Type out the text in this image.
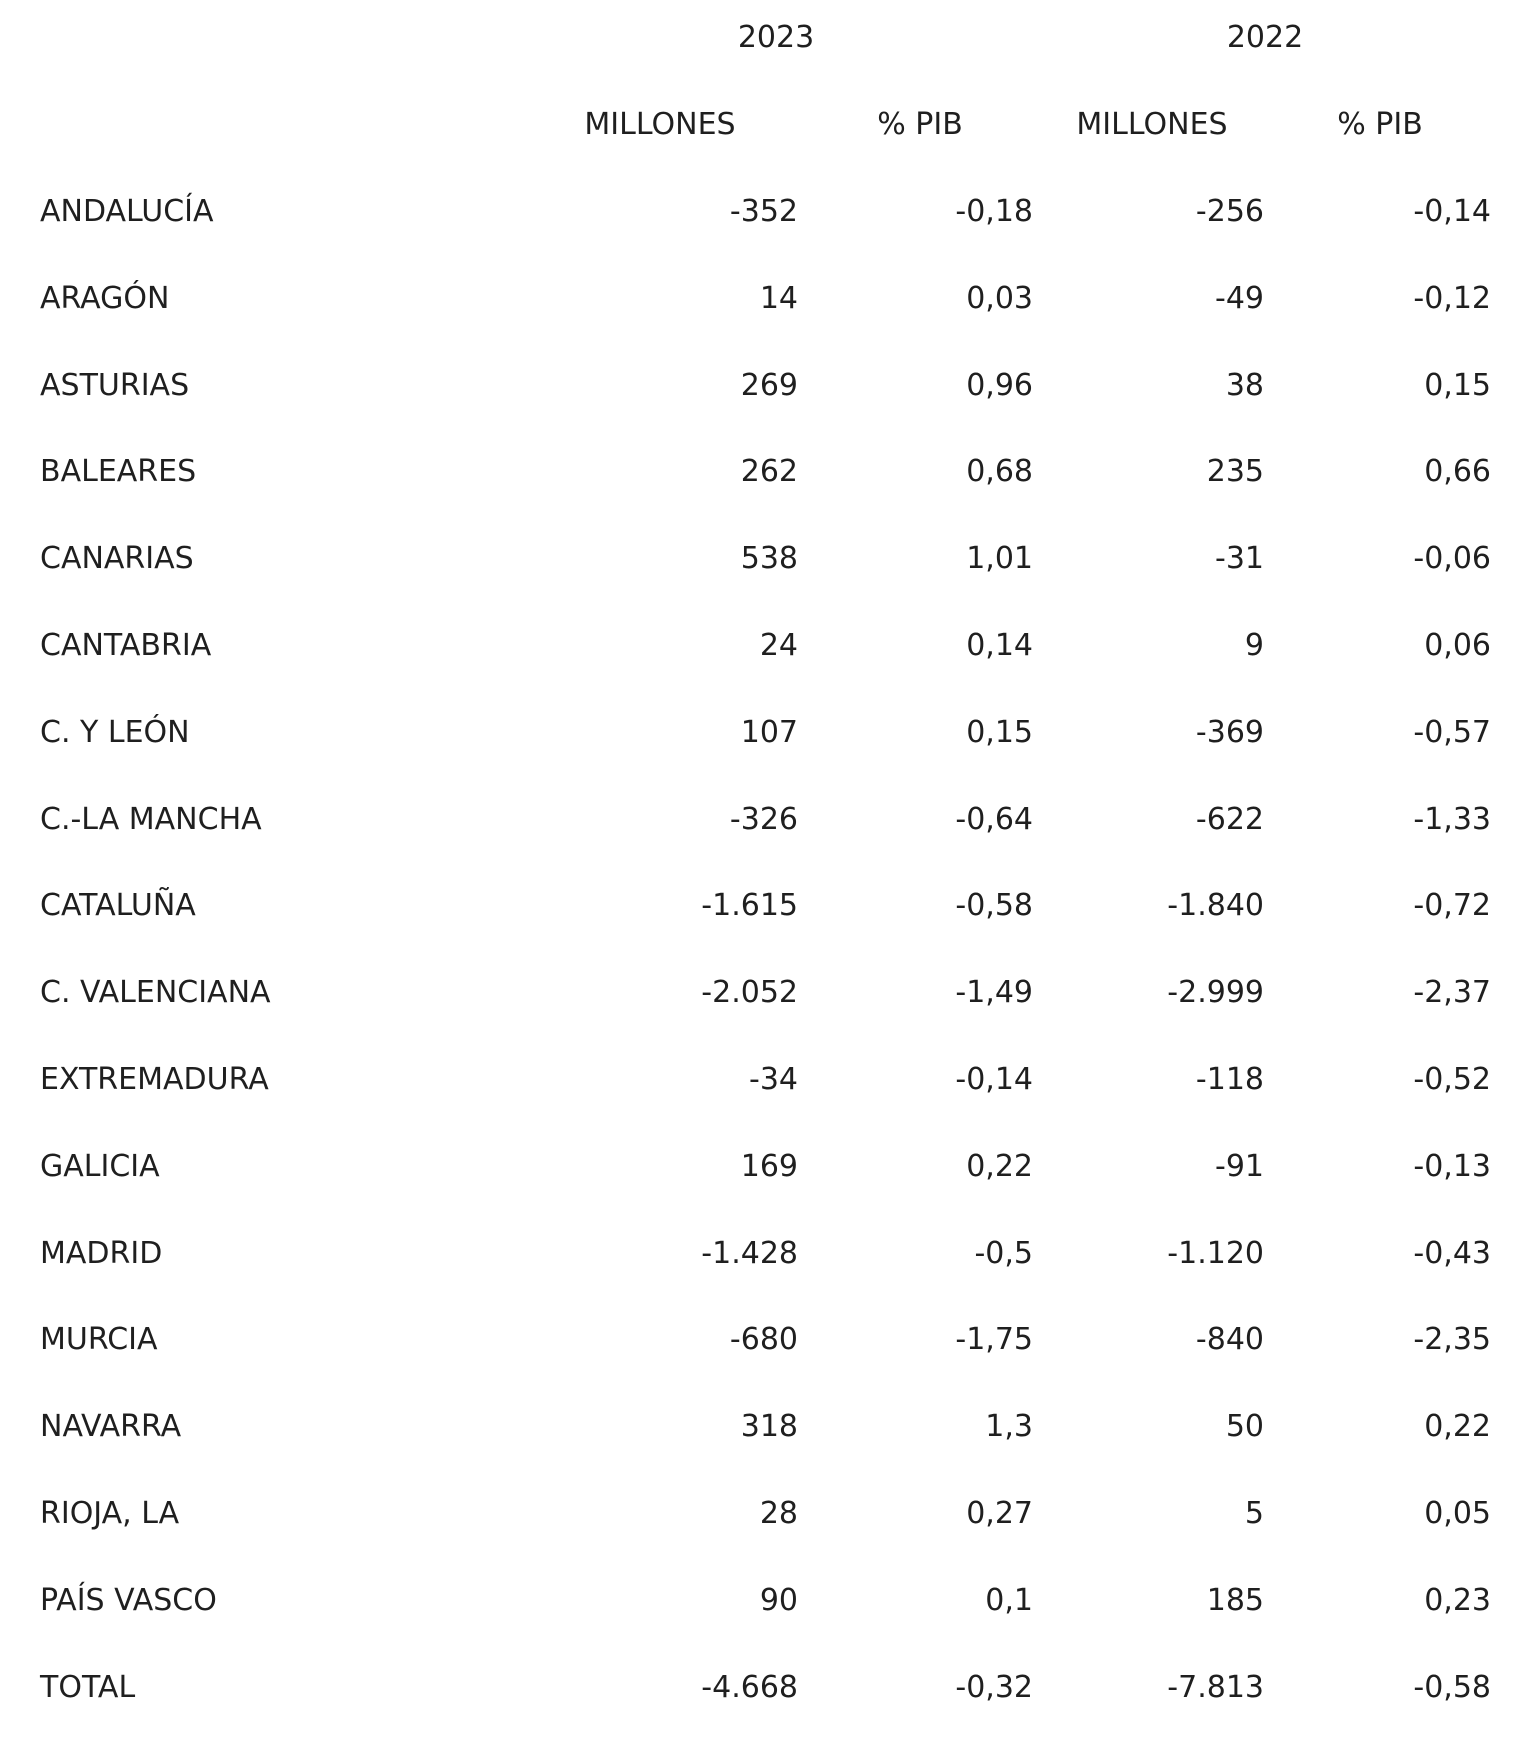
2023	2022
MILLONES	% PIB	MILLONES	% PIB
ANDALUCÍA	-352	-0,18	-256	-0,14
ARAGÓN	14	0,03	-49	-0,12
ASTURIAS	269	0,96	38	0,15
BALEARES	262	0,68	235	0,66
CANARIAS	538	1,01	-31	-0,06
CANTABRIA	24	0,14	9	0,06
C. Y LEÓN	107	0,15	-369	-0,57
C.-LA MANCHA	-326	-0,64	-622	-1,33
CATALUÑA	-1.615	-0,58	-1.840	-0,72
C. VALENCIANA	-2.052	-1,49	-2.999	-2,37
EXTREMADURA	-34	-0,14	-118	-0,52
GALICIA	169	0,22	-91	-0,13
MADRID	-1.428	-0,5	-1.120	-0,43
MURCIA	-680	-1,75	-840	-2,35
NAVARRA	318	1,3	50	0,22
RIOJA, LA	28	0,27	5	0,05
PAÍS VASCO	90	0,1	185	0,23
TOTAL	-4.668	-0,32	-7.813	-0,58
